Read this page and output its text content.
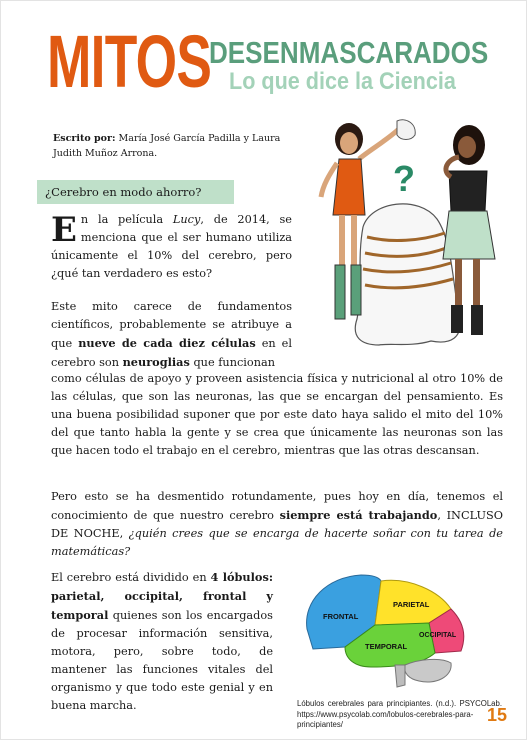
MITOS
DESENMASCARADOS
Lo que dice la Ciencia
Escrito por: María José García Padilla y Laura Judith Muñoz Arrona.
¿Cerebro en modo ahorro?	?
En la película Lucy, de 2014, se menciona que el ser humano utiliza únicamente el 10% del cerebro, pero ¿qué tan verdadero es esto?
Este mito carece de fundamentos científicos, probablemente se atribuye a que nueve de cada diez células en el cerebro son neuroglias que funcionan
como células de apoyo y proveen asistencia física y nutricional al otro 10% de las células, que son las neuronas, las que se encargan del pensamiento. Es una buena posibilidad suponer que por este dato haya salido el mito del 10% del que tanto habla la gente y se crea que únicamente las neuronas son las que hacen todo el trabajo en el cerebro, mientras que las otras descansan.
Pero esto se ha desmentido rotundamente, pues hoy en día, tenemos el conocimiento de que nuestro cerebro siempre está trabajando, INCLUSO DE NOCHE, ¿quién crees que se encarga de hacerte soñar con tu tarea de matemáticas?
El cerebro está dividido en 4 lóbulos: parietal, occipital, frontal y temporal quienes son los encargados de procesar información sensitiva, motora, pero, sobre todo, de mantener las funciones vitales del organismo y que todo este genial y en buena marcha.
FRONTAL
PARIETAL
OCCIPITAL
TEMPORAL
Lóbulos cerebrales para principiantes. (n.d.). PSYCOLab. https://www.psycolab.com/lobulos-cerebrales-para-principiantes/	15
